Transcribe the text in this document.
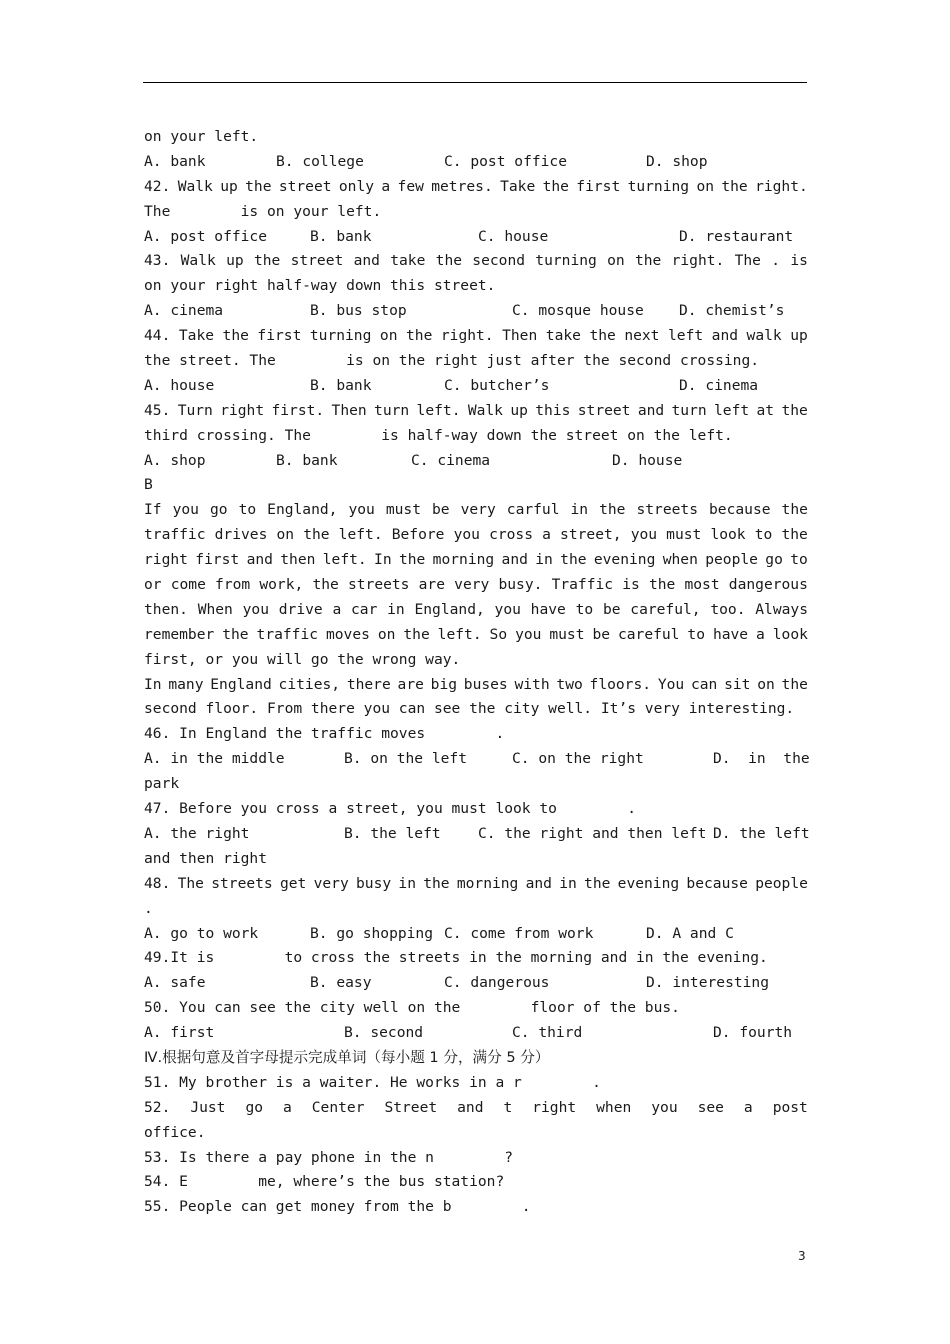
on your left.
A. bank	B. college	C. post office	D. shop
42. Walk up the street only a few metres. Take the first turning on the right.
The        is on your left.
A. post office	B. bank	C. house	D. restaurant
43. Walk up the street and take the second turning on the right. The . is
on your right half-way down this street.
A. cinema	B. bus stop	C. mosque house D. chemist’s
44. Take the first turning on the right. Then take the next left and walk up
the street. The        is on the right just after the second crossing.
A. house	B. bank	C. butcher’s	D. cinema
45. Turn right first. Then turn left. Walk up this street and turn left at the
third crossing. The        is half-way down the street on the left.
A. shop	B. bank	C. cinema	D. house
B
If you go to England, you must be very carful in the streets because the
traffic drives on the left. Before you cross a street, you must look to the
right first and then left. In the morning and in the evening when people go to
or come from work, the streets are very busy. Traffic is the most dangerous
then. When you drive a car in England, you have to be careful, too. Always
remember the traffic moves on the left. So you must be careful to have a look
first, or you will go the wrong way.
In many England cities, there are big buses with two floors. You can sit on the
second floor. From there you can see the city well. It’s very interesting.
46. In England the traffic moves        .
A. in the middle	B. on the left	C. on the right	D.  in  the
park
47. Before you cross a street, you must look to        .
A. the right	B. the left	C. the right and then left D. the left
and then right
48. The streets get very busy in the morning and in the evening because people
.
A. go to work	B. go shopping C. come from work	D. A and C
49.It is        to cross the streets in the morning and in the evening.
A. safe	B. easy	C. dangerous	D. interesting
50. You can see the city well on the        floor of the bus.
A. first	B. second	C. third	D. fourth
Ⅳ.根据句意及首字母提示完成单词（每小题 1 分，满分 5 分）
51. My brother is a waiter. He works in a r        .
52. Just go a Center Street and t right when you see a post
office.
53. Is there a pay phone in the n        ?
54. E        me, where’s the bus station?
55. People can get money from the b        .
3
